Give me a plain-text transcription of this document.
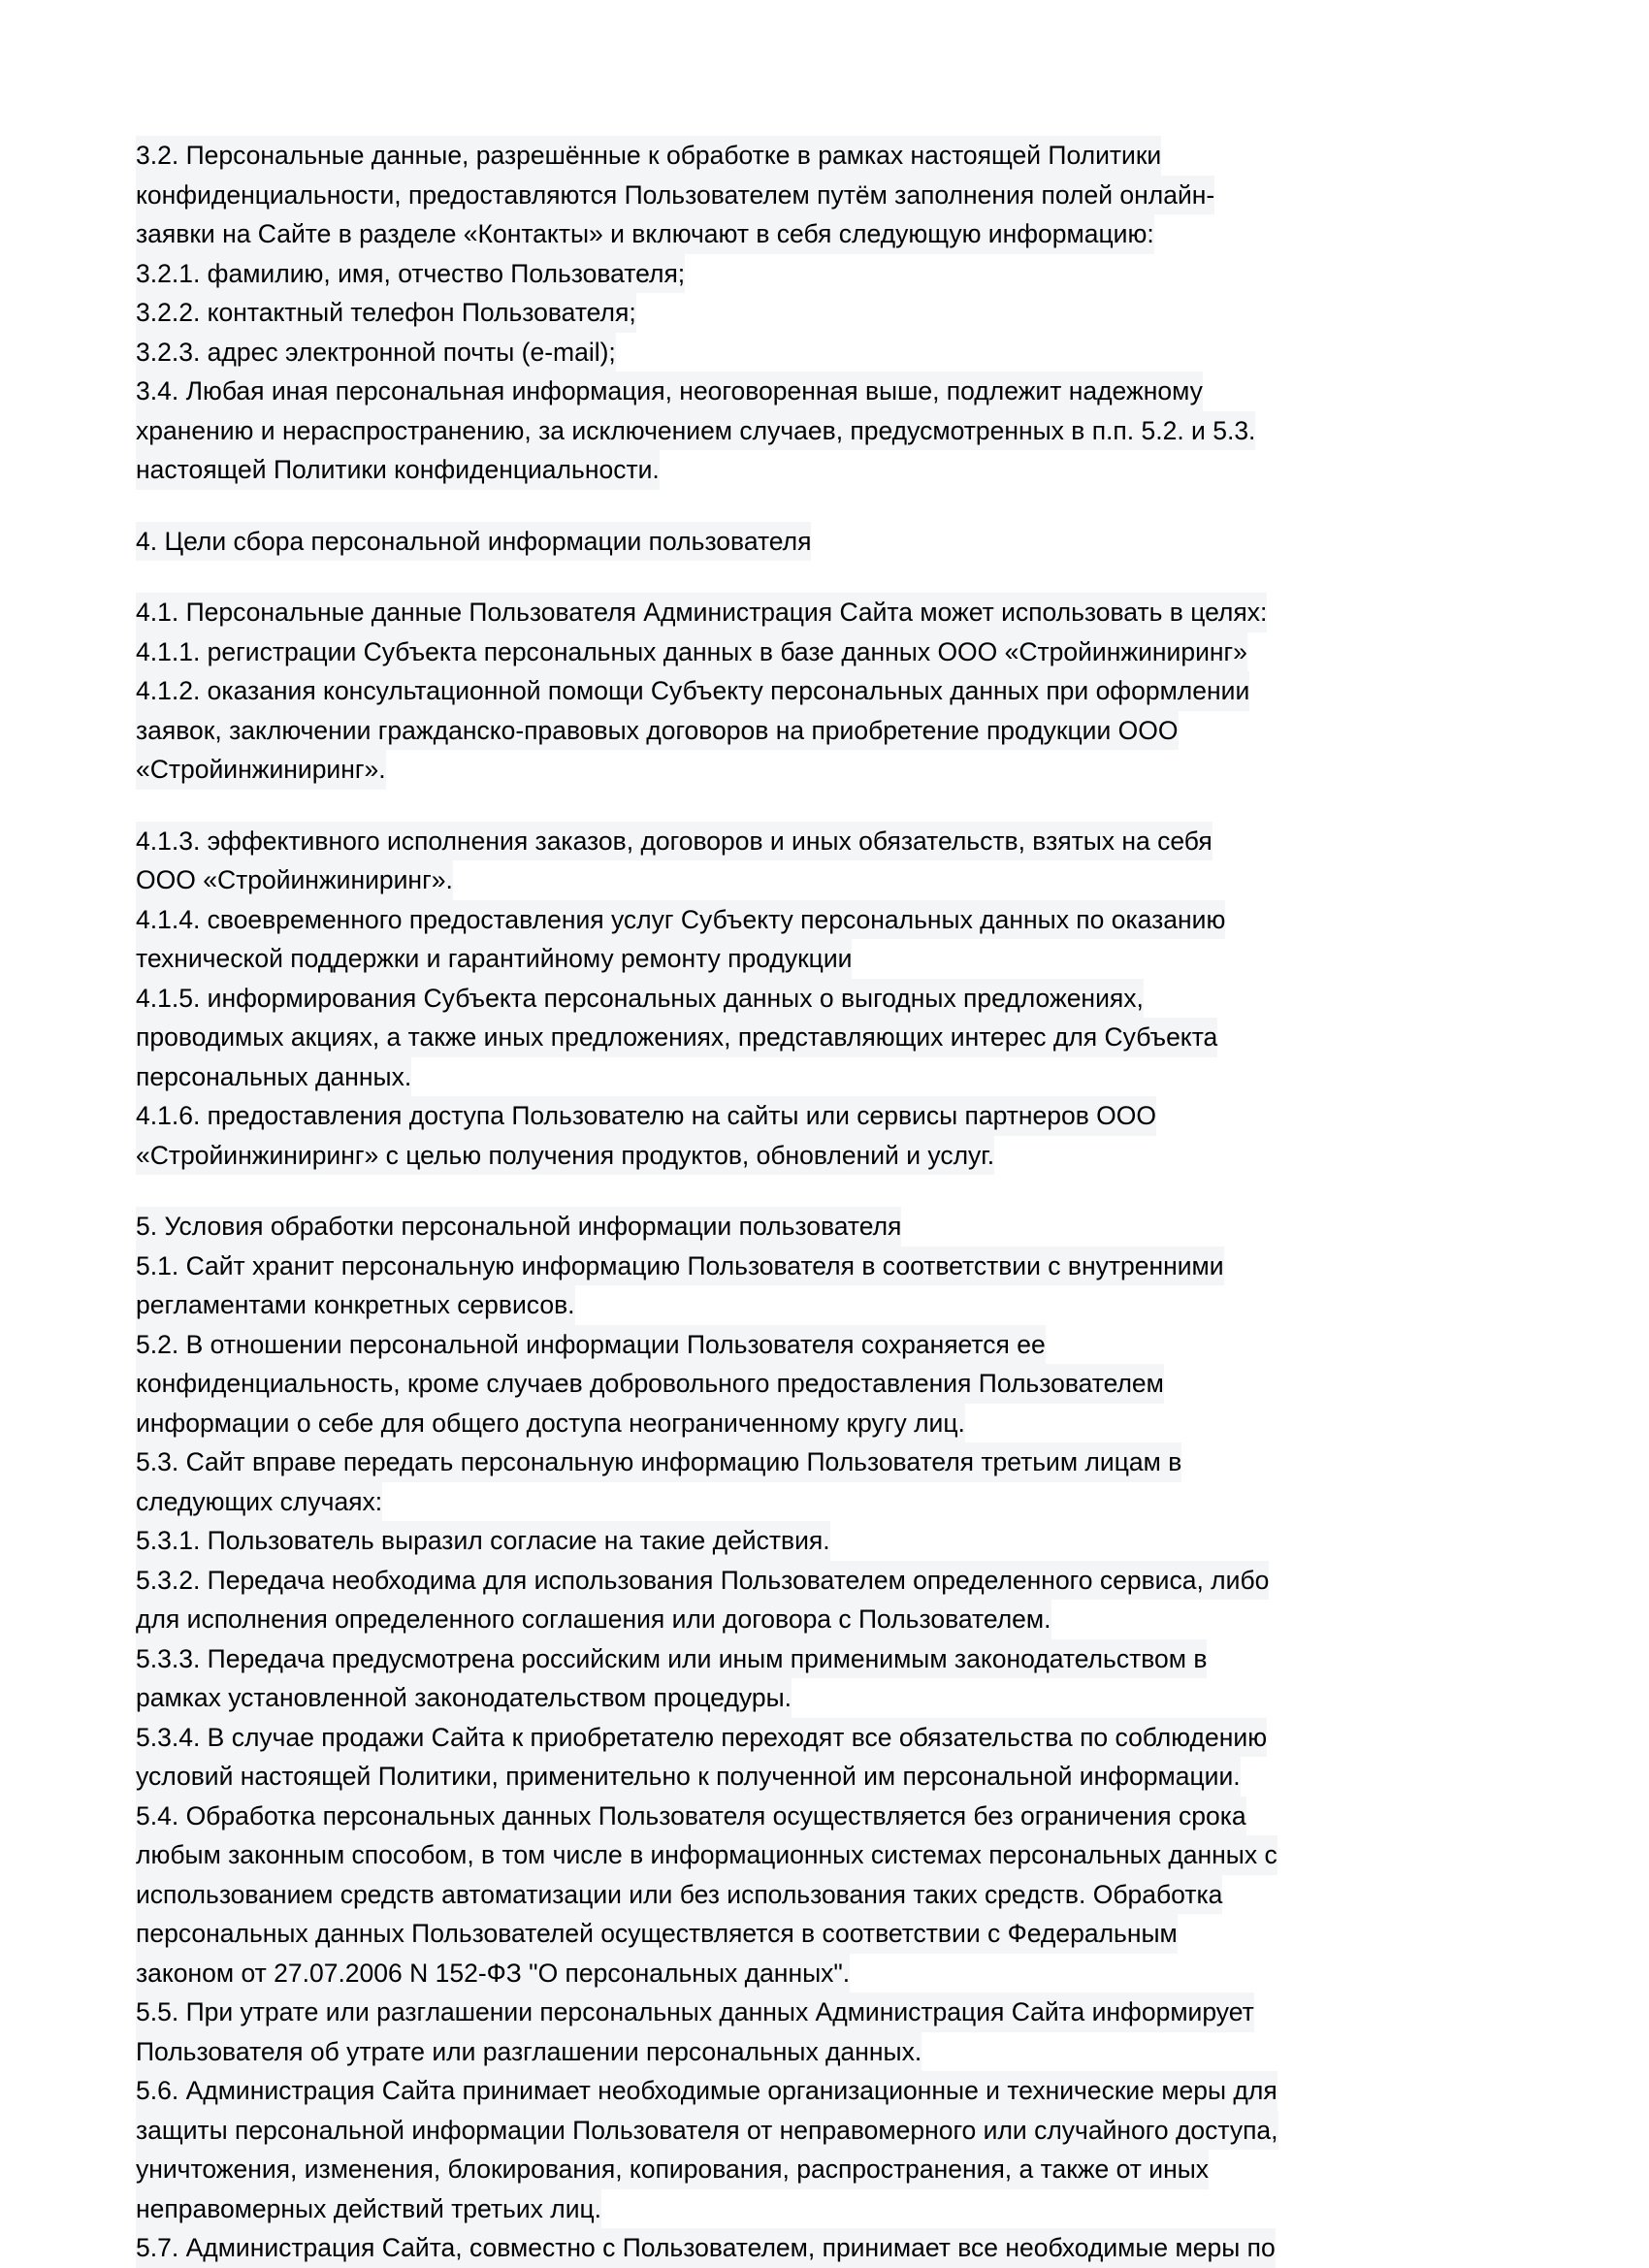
3.2. Персональные данные, разрешённые к обработке в рамках настоящей Политики
конфиденциальности, предоставляются Пользователем путём заполнения полей онлайн-
заявки на Сайте в разделе «Контакты» и включают в себя следующую информацию:
3.2.1. фамилию, имя, отчество Пользователя;
3.2.2. контактный телефон Пользователя;
3.2.3. адрес электронной почты (e-mail);
3.4. Любая иная персональная информация, неоговоренная выше, подлежит надежному
хранению и нераспространению, за исключением случаев, предусмотренных в п.п. 5.2. и 5.3.
настоящей Политики конфиденциальности.
4. Цели сбора персональной информации пользователя
4.1. Персональные данные Пользователя Администрация Сайта может использовать в целях:
4.1.1. регистрации Субъекта персональных данных в базе данных ООО «Стройинжиниринг»
4.1.2. оказания консультационной помощи Субъекту персональных данных при оформлении
заявок, заключении гражданско-правовых договоров на приобретение продукции ООО
«Стройинжиниринг».
4.1.3. эффективного исполнения заказов, договоров и иных обязательств, взятых на себя
ООО «Стройинжиниринг».
4.1.4. своевременного предоставления услуг Субъекту персональных данных по оказанию
технической поддержки и гарантийному ремонту продукции
4.1.5. информирования Субъекта персональных данных о выгодных предложениях,
проводимых акциях, а также иных предложениях, представляющих интерес для Субъекта
персональных данных.
4.1.6. предоставления доступа Пользователю на сайты или сервисы партнеров ООО
«Стройинжиниринг» с целью получения продуктов, обновлений и услуг.
5. Условия обработки персональной информации пользователя
5.1. Сайт хранит персональную информацию Пользователя в соответствии с внутренними
регламентами конкретных сервисов.
5.2. В отношении персональной информации Пользователя сохраняется ее
конфиденциальность, кроме случаев добровольного предоставления Пользователем
информации о себе для общего доступа неограниченному кругу лиц.
5.3. Сайт вправе передать персональную информацию Пользователя третьим лицам в
следующих случаях:
5.3.1. Пользователь выразил согласие на такие действия.
5.3.2. Передача необходима для использования Пользователем определенного сервиса, либо
для исполнения определенного соглашения или договора с Пользователем.
5.3.3. Передача предусмотрена российским или иным применимым законодательством в
рамках установленной законодательством процедуры.
5.3.4. В случае продажи Сайта к приобретателю переходят все обязательства по соблюдению
условий настоящей Политики, применительно к полученной им персональной информации.
5.4. Обработка персональных данных Пользователя осуществляется без ограничения срока
любым законным способом, в том числе в информационных системах персональных данных с
использованием средств автоматизации или без использования таких средств. Обработка
персональных данных Пользователей осуществляется в соответствии с Федеральным
законом от 27.07.2006 N 152-ФЗ "О персональных данных".
5.5. При утрате или разглашении персональных данных Администрация Сайта информирует
Пользователя об утрате или разглашении персональных данных.
5.6. Администрация Сайта принимает необходимые организационные и технические меры для
защиты персональной информации Пользователя от неправомерного или случайного доступа,
уничтожения, изменения, блокирования, копирования, распространения, а также от иных
неправомерных действий третьих лиц.
5.7. Администрация Сайта, совместно с Пользователем, принимает все необходимые меры по
